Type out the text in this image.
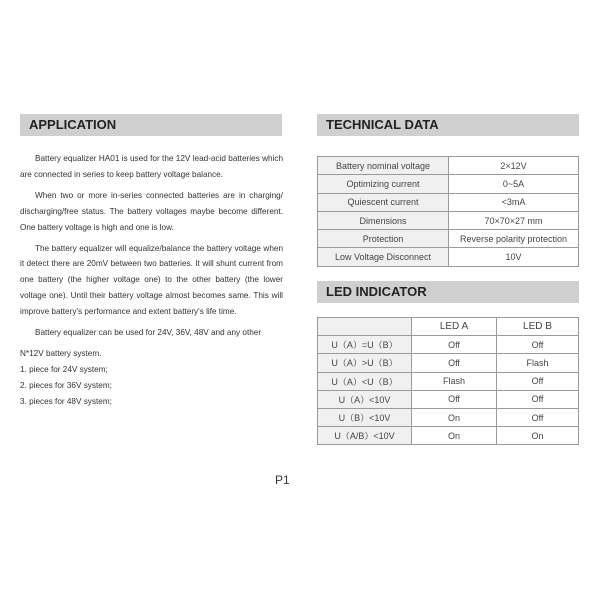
APPLICATION

Battery equalizer HA01 is used for the 12V lead-acid batteries which are connected in series to keep battery voltage balance.

When two or more in-series connected batteries are in charging/ discharging/free status. The battery voltages maybe become different. One battery voltage is high and one is low.

The battery equalizer will equalize/balance the battery voltage when it detect there are 20mV between two batteries. It will shunt current from one battery (the higher voltage one) to the other battery (the lower voltage one). Until their battery voltage almost becomes same. This will improve battery's performance and extent battery's life time.

Battery equalizer can be used for 24V, 36V, 48V and any other

N*12V battery system.

1. piece for 24V system;

2. pieces for 36V system;

3. pieces for 48V system;

TECHNICAL DATA
Battery nominal voltage	2×12V
Optimizing current	0~5A
Quiescent current	<3mA
Dimensions	70×70×27 mm
Protection	Reverse polarity protection
Low Voltage Disconnect	10V
LED INDICATOR
	LED A	LED B
U（A）=U（B）	Off	Off
U（A）>U（B）	Off	Flash
U（A）<U（B）	Flash	Off
U（A）<10V	Off	Off
U（B）<10V	On	Off
U（A/B）<10V	On	On
P1
